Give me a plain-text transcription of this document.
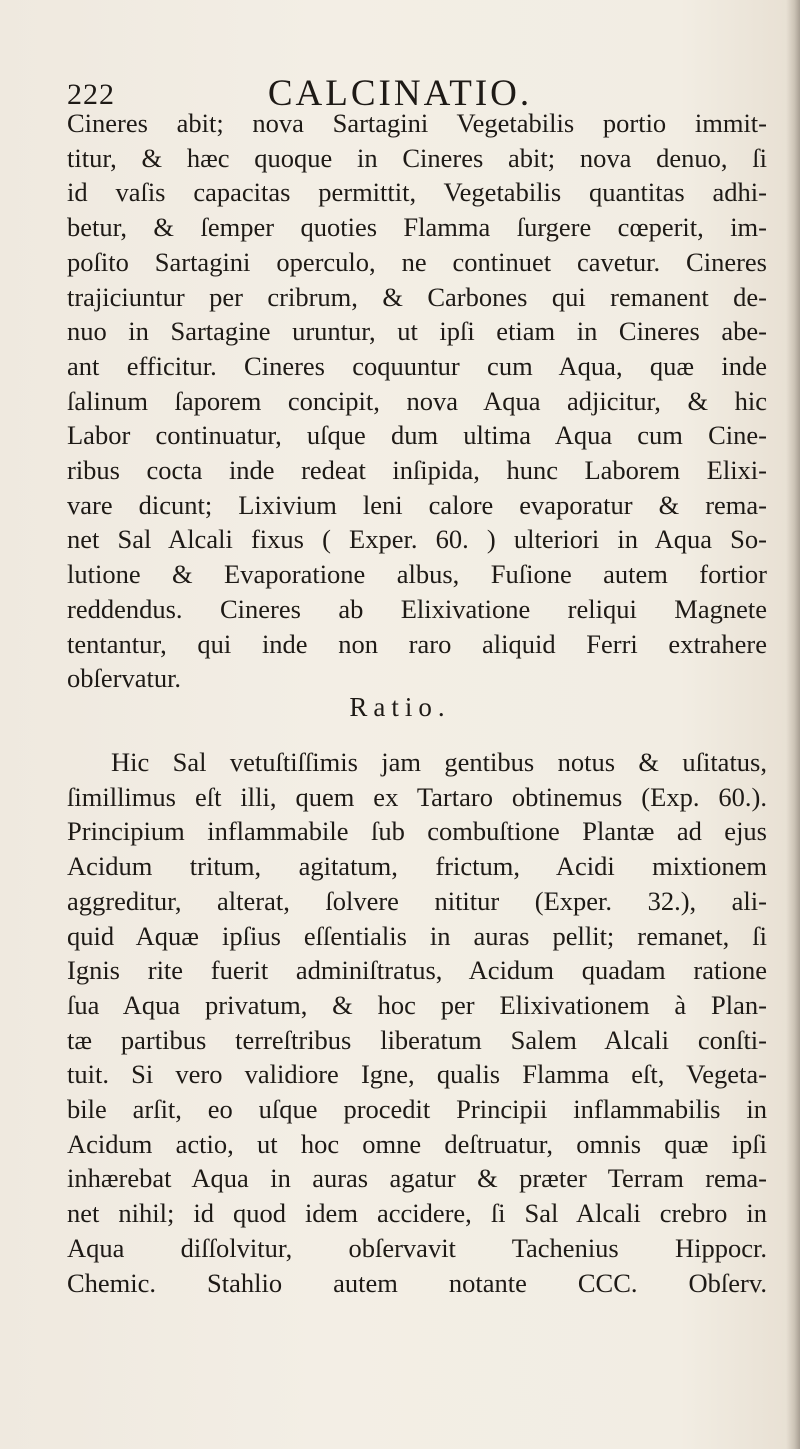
222	CALCINATIO.
Cineres abit; nova Sartagini Vegetabilis portio immit-
titur, & hæc quoque in Cineres abit; nova denuo, ſi
id vaſis capacitas permittit, Vegetabilis quantitas adhi-
betur, & ſemper quoties Flamma ſurgere cœperit, im-
poſito Sartagini operculo, ne continuet cavetur. Cineres
trajiciuntur per cribrum, & Carbones qui remanent de-
nuo in Sartagine uruntur, ut ipſi etiam in Cineres abe-
ant efficitur. Cineres coquuntur cum Aqua, quæ inde
ſalinum ſaporem concipit, nova Aqua adjicitur, & hic
Labor continuatur, uſque dum ultima Aqua cum Cine-
ribus cocta inde redeat inſipida, hunc Laborem Elixi-
vare dicunt; Lixivium leni calore evaporatur & rema-
net Sal Alcali fixus ( Exper. 60. ) ulteriori in Aqua So-
lutione & Evaporatione albus, Fuſione autem fortior
reddendus. Cineres ab Elixivatione reliqui Magnete
tentantur, qui inde non raro aliquid Ferri extrahere
obſervatur.
Ratio.
Hic Sal vetuſtiſſimis jam gentibus notus & uſitatus,
ſimillimus eſt illi, quem ex Tartaro obtinemus (Exp. 60.).
Principium inflammabile ſub combuſtione Plantæ ad ejus
Acidum tritum, agitatum, frictum, Acidi mixtionem
aggreditur, alterat, ſolvere nititur (Exper. 32.), ali-
quid Aquæ ipſius eſſentialis in auras pellit; remanet, ſi
Ignis rite fuerit adminiſtratus, Acidum quadam ratione
ſua Aqua privatum, & hoc per Elixivationem à Plan-
tæ partibus terreſtribus liberatum Salem Alcali conſti-
tuit. Si vero validiore Igne, qualis Flamma eſt, Vegeta-
bile arſit, eo uſque procedit Principii inflammabilis in
Acidum actio, ut hoc omne deſtruatur, omnis quæ ipſi
inhærebat Aqua in auras agatur & præter Terram rema-
net nihil; id quod idem accidere, ſi Sal Alcali crebro in
Aqua diſſolvitur, obſervavit Tachenius Hippocr.
Chemic. Stahlio autem notante CCC. Obſerv.
